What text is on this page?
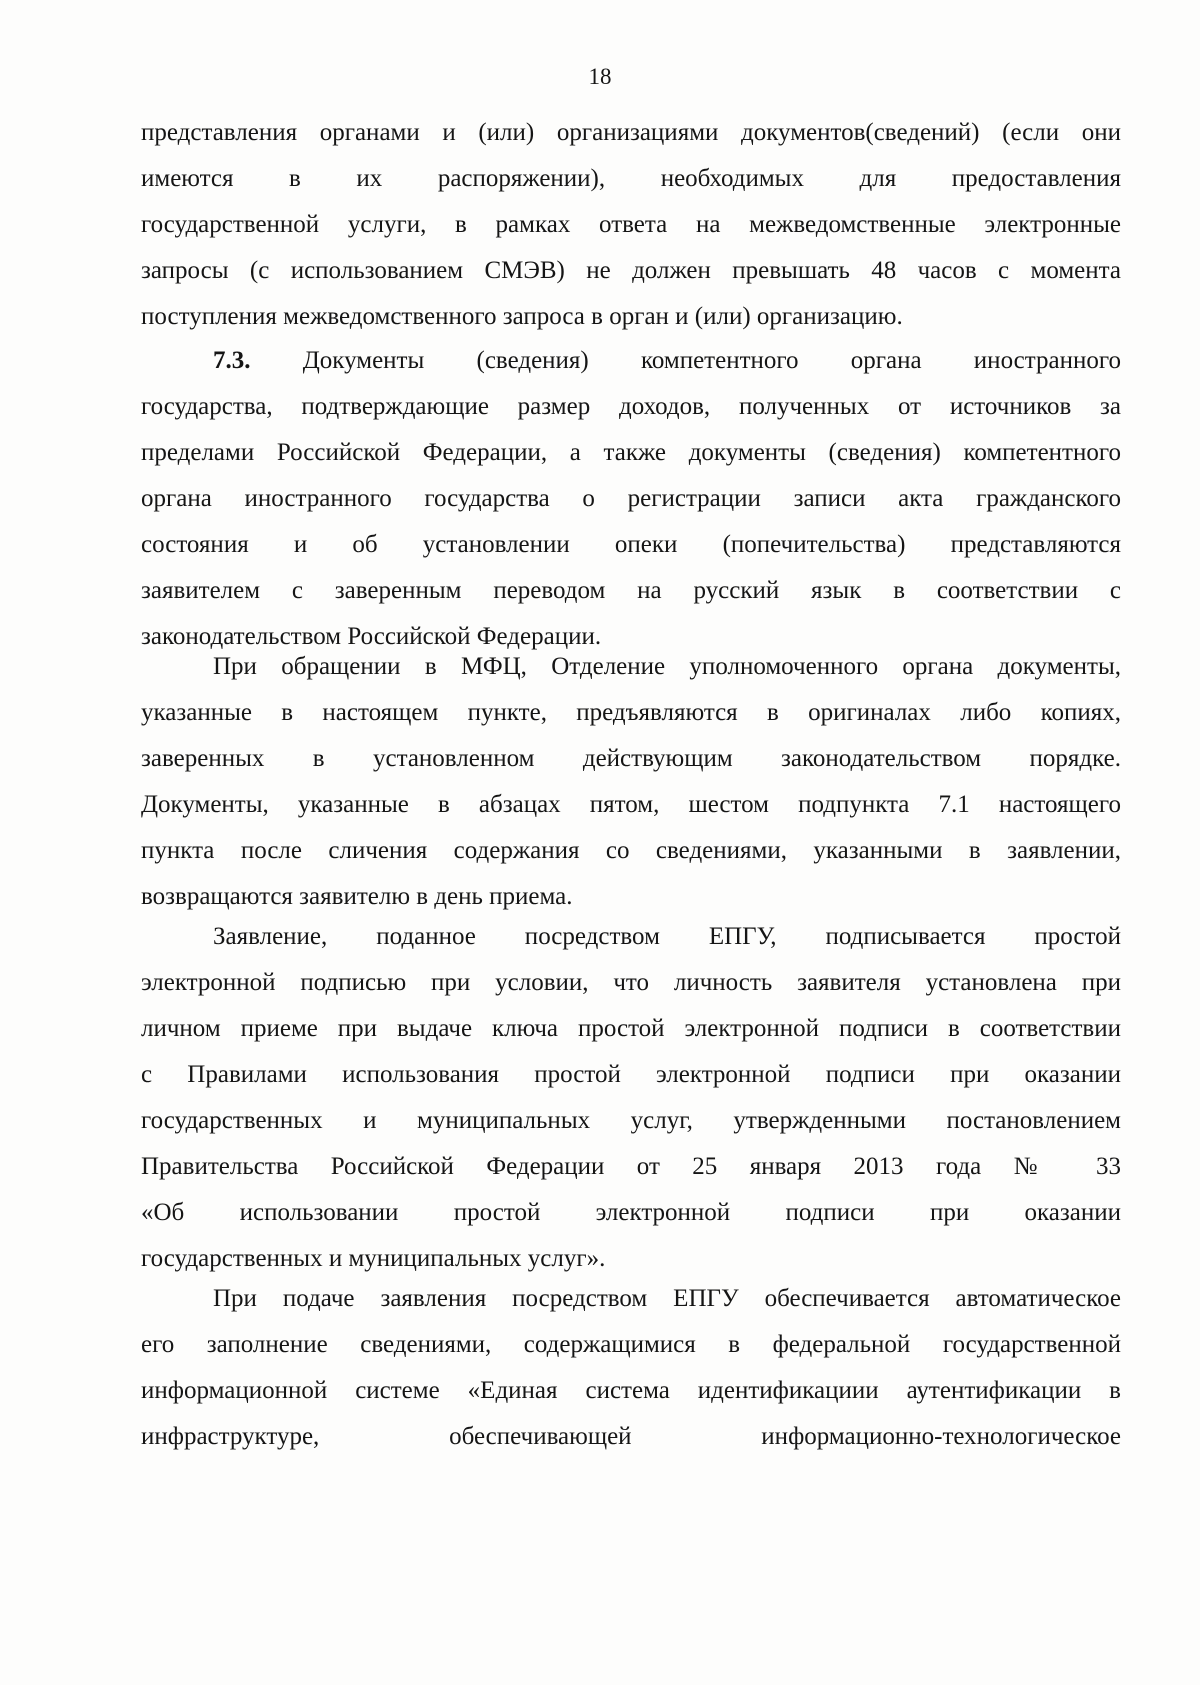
18
представления органами и (или) организациями документов(сведений) (если они
имеются в их распоряжении), необходимых для предоставления
государственной услуги, в рамках ответа на межведомственные электронные
запросы (с использованием СМЭВ) не должен превышать 48 часов с момента
поступления межведомственного запроса в орган и (или) организацию.
7.3. Документы (сведения) компетентного органа иностранного
государства, подтверждающие размер доходов, полученных от источников за
пределами Российской Федерации, а также документы (сведения) компетентного
органа иностранного государства о регистрации записи акта гражданского
состояния и об установлении опеки (попечительства) представляются
заявителем с заверенным переводом на русский язык в соответствии с
законодательством Российской Федерации.
При обращении в МФЦ, Отделение уполномоченного органа документы,
указанные в настоящем пункте, предъявляются в оригиналах либо копиях,
заверенных в установленном действующим законодательством порядке.
Документы, указанные в абзацах пятом, шестом подпункта 7.1 настоящего
пункта после сличения содержания со сведениями, указанными в заявлении,
возвращаются заявителю в день приема.
Заявление, поданное посредством ЕПГУ, подписывается простой
электронной подписью при условии, что личность заявителя установлена при
личном приеме при выдаче ключа простой электронной подписи в соответствии
с Правилами использования простой электронной подписи при оказании
государственных и муниципальных услуг, утвержденными постановлением
Правительства Российской Федерации от 25 января 2013 года № 33
«Об использовании простой электронной подписи при оказании
государственных и муниципальных услуг».
При подаче заявления посредством ЕПГУ обеспечивается автоматическое
его заполнение сведениями, содержащимися в федеральной государственной
информационной системе «Единая система идентификациии аутентификации в
инфраструктуре, обеспечивающей информационно-технологическое
